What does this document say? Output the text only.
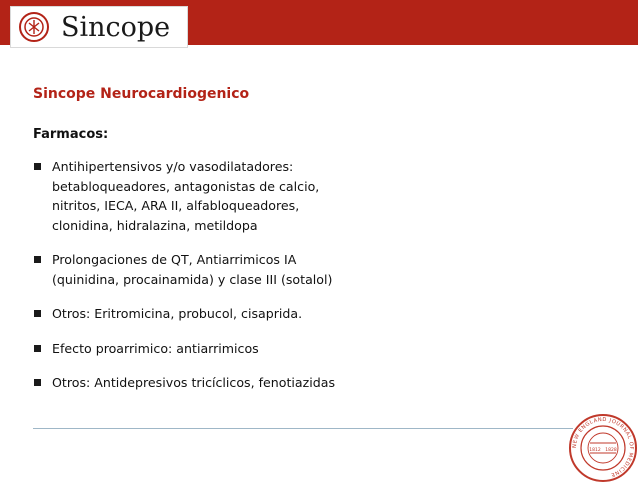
Sincope
Sincope Neurocardiogenico
Farmacos:
Antihipertensivos y/o vasodilatadores:
betabloqueadores, antagonistas de calcio,
nitritos, IECA, ARA II, alfabloqueadores,
clonidina, hidralazina, metildopa
Prolongaciones de QT, Antiarrimicos IA
(quinidina, procainamida) y clase III (sotalol)
Otros: Eritromicina, probucol, cisaprida.
Efecto proarrimico: antiarrimicos
Otros: Antidepresivos tricíclicos, fenotiazidas
NEW ENGLAND JOURNAL OF MEDICINE
1812 1828
